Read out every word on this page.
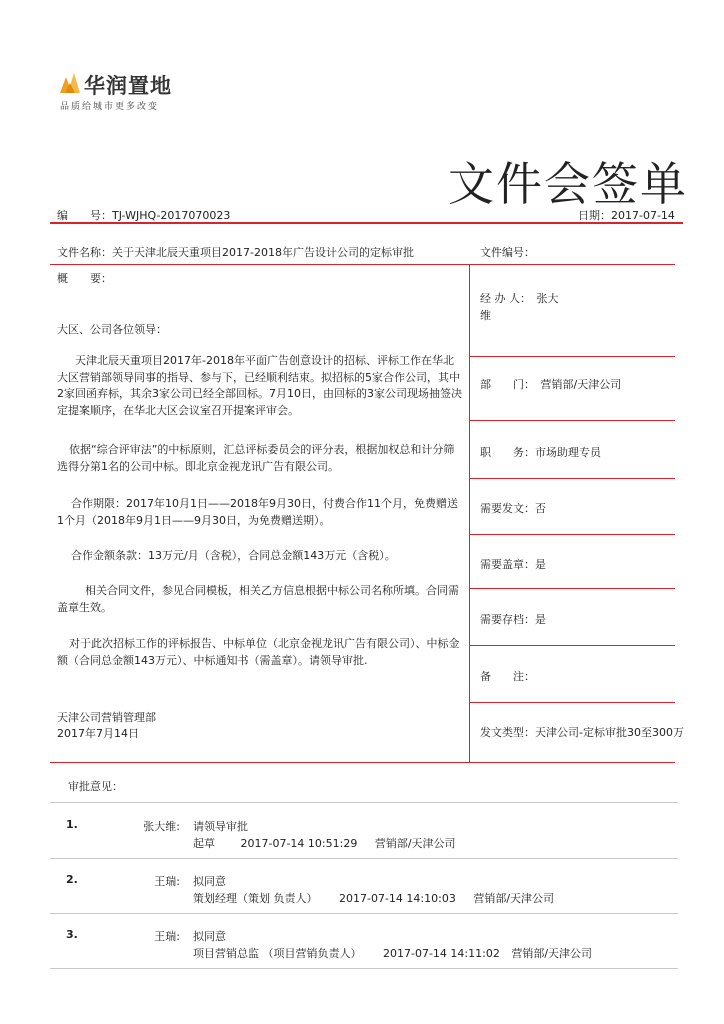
华润置地
品质给城市更多改变
文件会签单
编　　号：TJ-WJHQ-2017070023	日期：2017-07-14
文件名称：关于天津北辰天重项目2017-2018年广告设计公司的定标审批	文件编号：
概　　要：
大区、公司各位领导：
天津北辰天重项目2017年-2018年平面广告创意设计的招标、评标工作在华北大区营销部领导同事的指导、参与下，已经顺利结束。拟招标的5家合作公司，其中2家回函弃标，其余3家公司已经全部回标。7月10日，由回标的3家公司现场抽签决定提案顺序，在华北大区会议室召开提案评审会。
依据“综合评审法”的中标原则，汇总评标委员会的评分表，根据加权总和计分筛选得分第1名的公司中标。即北京金视龙讯广告有限公司。
合作期限：2017年10月1日——2018年9月30日，付费合作11个月，免费赠送1个月（2018年9月1日——9月30日，为免费赠送期）。
合作金额条款：13万元/月（含税），合同总金额143万元（含税）。
相关合同文件，参见合同模板，相关乙方信息根据中标公司名称所填。合同需盖章生效。
对于此次招标工作的评标报告、中标单位（北京金视龙讯广告有限公司）、中标金额（合同总金额143万元）、中标通知书（需盖章）。请领导审批.
天津公司营销管理部
2017年7月14日
经 办 人：　 张大
维
部　　门：　 营销部/天津公司
职　　务：市场助理专员
需要发文：否
需要盖章：是
需要存档：是
备　　注：
发文类型：天津公司-定标审批30至300万
审批意见：
1.	张大维: 请领导审批
起草 2017-07-14 10:51:29 营销部/天津公司
2.	王瑞: 拟同意
策划经理（策划 负责人） 2017-07-14 14:10:03 营销部/天津公司
3.	王瑞: 拟同意
项目营销总监 （项目营销负责人） 2017-07-14 14:11:02 营销部/天津公司
